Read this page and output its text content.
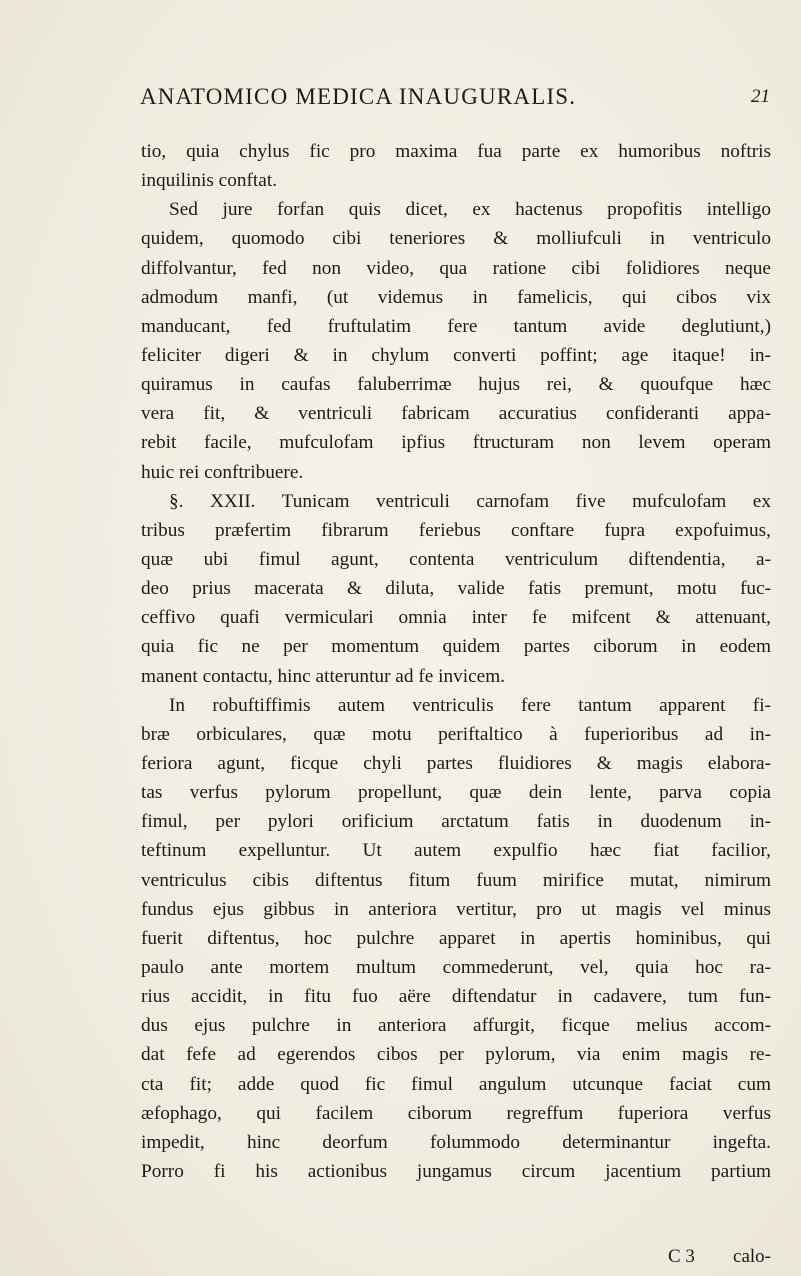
ANATOMICO MEDICA INAUGURALIS.	21
tio, quia chylus fic pro maxima fua parte ex humoribus noftris
inquilinis conftat.
Sed jure forfan quis dicet, ex hactenus propofitis intelligo
quidem, quomodo cibi teneriores & molliufculi in ventriculo
diffolvantur, fed non video, qua ratione cibi folidiores neque
admodum manfi, (ut videmus in famelicis, qui cibos vix
manducant, fed fruftulatim fere tantum avide deglutiunt,)
feliciter digeri & in chylum converti poffint; age itaque! in-
quiramus in caufas faluberrimæ hujus rei, & quoufque hæc
vera fit, & ventriculi fabricam accuratius confideranti appa-
rebit facile, mufculofam ipfius ftructuram non levem operam
huic rei conftribuere.
§. XXII. Tunicam ventriculi carnofam five mufculofam ex
tribus præfertim fibrarum feriebus conftare fupra expofuimus,
quæ ubi fimul agunt, contenta ventriculum diftendentia, a-
deo prius macerata & diluta, valide fatis premunt, motu fuc-
ceffivo quafi vermiculari omnia inter fe mifcent & attenuant,
quia fic ne per momentum quidem partes ciborum in eodem
manent contactu, hinc atteruntur ad fe invicem.
In robuftiffimis autem ventriculis fere tantum apparent fi-
bræ orbiculares, quæ motu periftaltico à fuperioribus ad in-
feriora agunt, ficque chyli partes fluidiores & magis elabora-
tas verfus pylorum propellunt, quæ dein lente, parva copia
fimul, per pylori orificium arctatum fatis in duodenum in-
teftinum expelluntur. Ut autem expulfio hæc fiat facilior,
ventriculus cibis diftentus fitum fuum mirifice mutat, nimirum
fundus ejus gibbus in anteriora vertitur, pro ut magis vel minus
fuerit diftentus, hoc pulchre apparet in apertis hominibus, qui
paulo ante mortem multum commederunt, vel, quia hoc ra-
rius accidit, in fitu fuo aëre diftendatur in cadavere, tum fun-
dus ejus pulchre in anteriora affurgit, ficque melius accom-
dat fefe ad egerendos cibos per pylorum, via enim magis re-
cta fit; adde quod fic fimul angulum utcunque faciat cum
æfophago, qui facilem ciborum regreffum fuperiora verfus
impedit, hinc deorfum folummodo determinantur ingefta.
Porro fi his actionibus jungamus circum jacentium partium
C 3 calo-
